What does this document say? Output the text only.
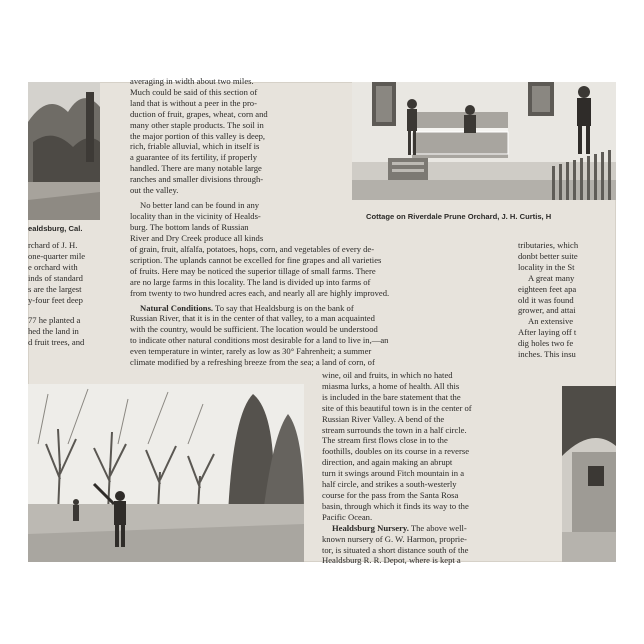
ealdsburg, Cal.

rchard of J. H.

one-quarter mile

e orchard with

inds of standard

s are the largest

y-four feet deep

77 he planted a

hed the land in

d fruit trees, and

averaging in width about two miles.

Much could be said of this section of

land that is without a peer in the pro-

duction of fruit, grapes, wheat, corn and

many other staple products. The soil in

the major portion of this valley is deep,

rich, friable alluvial, which in itself is

a guarantee of its fertility, if properly

handled. There are many notable large

ranches and smaller divisions through-

out the valley.

No better land can be found in any

locality than in the vicinity of Healds-

burg. The bottom lands of Russian

River and Dry Creek produce all kinds

of grain, fruit, alfalfa, potatoes, hops, corn, and vegetables of every de-

scription. The uplands cannot be excelled for fine grapes and all varieties

of fruits. Here may be noticed the superior tillage of small farms. There

are no large farms in this locality. The land is divided up into farms of

from twenty to two hundred acres each, and nearly all are highly improved.

Natural Conditions. To say that Healdsburg is on the bank of

Russian River, that it is in the center of that valley, to a man acquainted

with the country, would be sufficient. The location would be understood

to indicate other natural conditions most desirable for a land to live in,—an

even temperature in winter, rarely as low as 30° Fahrenheit; a summer

climate modified by a refreshing breeze from the sea; a land of corn, of

Cottage on Riverdale Prune Orchard, J. H. Curtis, H

tributaries, which

donbt better suite

locality in the St

A great many

eighteen feet apa

old it was found

grower, and attai

An extensive

After laying off t

dig holes two fe

inches. This insu

wine, oil and fruits, in which no hated

miasma lurks, a home of health. All this

is included in the bare statement that the

site of this beautiful town is in the center of

Russian River Valley. A bend of the

stream surrounds the town in a half circle.

The stream first flows close in to the

foothills, doubles on its course in a reverse

direction, and again making an abrupt

turn it swings around Fitch mountain in a

half circle, and strikes a south-westerly

course for the pass from the Santa Rosa

basin, through which it finds its way to the

Pacific Ocean.

Healdsburg Nursery. The above well-

known nursery of G. W. Harmon, proprie-

tor, is situated a short distance south of the

Healdsburg R. R. Depot, where is kept a
